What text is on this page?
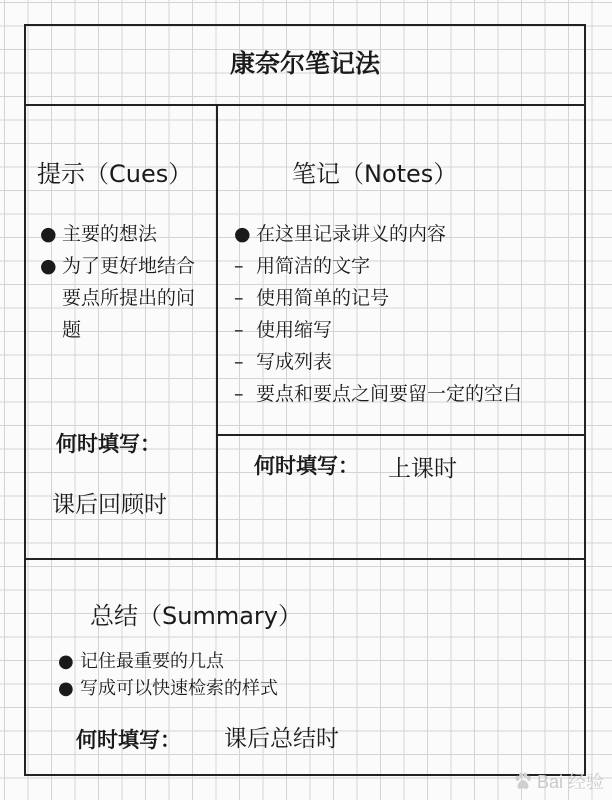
康奈尔笔记法
提示（Cues）
● 主要的想法
● 为了更好地结合要点所提出的问题
何时填写：
课后回顾时
笔记（Notes）
● 在这里记录讲义的内容
– 用简洁的文字
– 使用简单的记号
– 使用缩写
– 写成列表
– 要点和要点之间要留一定的空白
何时填写： 上课时
总结（Summary）
● 记住最重要的几点
● 写成可以快速检索的样式
何时填写： 课后总结时
Bai 经验
